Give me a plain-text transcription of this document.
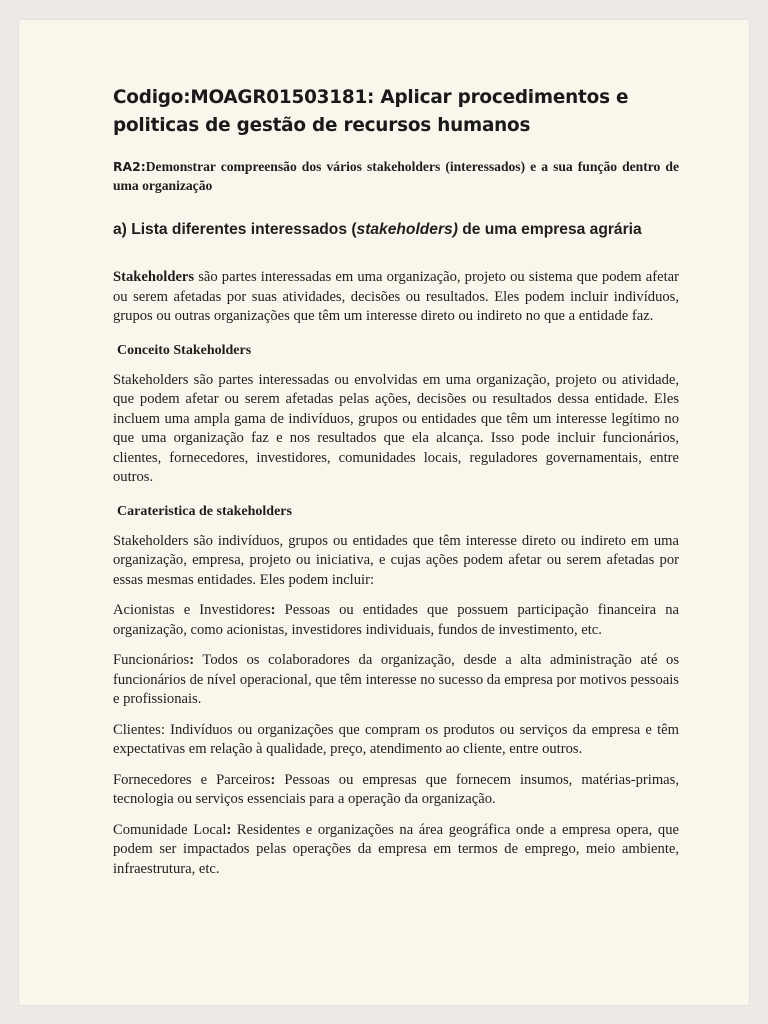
Codigo:MOAGR01503181: Aplicar procedimentos e politicas de gestão de recursos humanos

RA2:Demonstrar compreensão dos vários stakeholders (interessados) e a sua função dentro de uma organização

a) Lista diferentes interessados (stakeholders) de uma empresa agrária

Stakeholders são partes interessadas em uma organização, projeto ou sistema que podem afetar ou serem afetadas por suas atividades, decisões ou resultados. Eles podem incluir indivíduos, grupos ou outras organizações que têm um interesse direto ou indireto no que a entidade faz.

Conceito Stakeholders

Stakeholders são partes interessadas ou envolvidas em uma organização, projeto ou atividade, que podem afetar ou serem afetadas pelas ações, decisões ou resultados dessa entidade. Eles incluem uma ampla gama de indivíduos, grupos ou entidades que têm um interesse legítimo no que uma organização faz e nos resultados que ela alcança. Isso pode incluir funcionários, clientes, fornecedores, investidores, comunidades locais, reguladores governamentais, entre outros.

Carateristica de stakeholders

Stakeholders são indivíduos, grupos ou entidades que têm interesse direto ou indireto em uma organização, empresa, projeto ou iniciativa, e cujas ações podem afetar ou serem afetadas por essas mesmas entidades. Eles podem incluir:

Acionistas e Investidores: Pessoas ou entidades que possuem participação financeira na organização, como acionistas, investidores individuais, fundos de investimento, etc.

Funcionários: Todos os colaboradores da organização, desde a alta administração até os funcionários de nível operacional, que têm interesse no sucesso da empresa por motivos pessoais e profissionais.

Clientes: Indivíduos ou organizações que compram os produtos ou serviços da empresa e têm expectativas em relação à qualidade, preço, atendimento ao cliente, entre outros.

Fornecedores e Parceiros: Pessoas ou empresas que fornecem insumos, matérias-primas, tecnologia ou serviços essenciais para a operação da organização.

Comunidade Local: Residentes e organizações na área geográfica onde a empresa opera, que podem ser impactados pelas operações da empresa em termos de emprego, meio ambiente, infraestrutura, etc.
